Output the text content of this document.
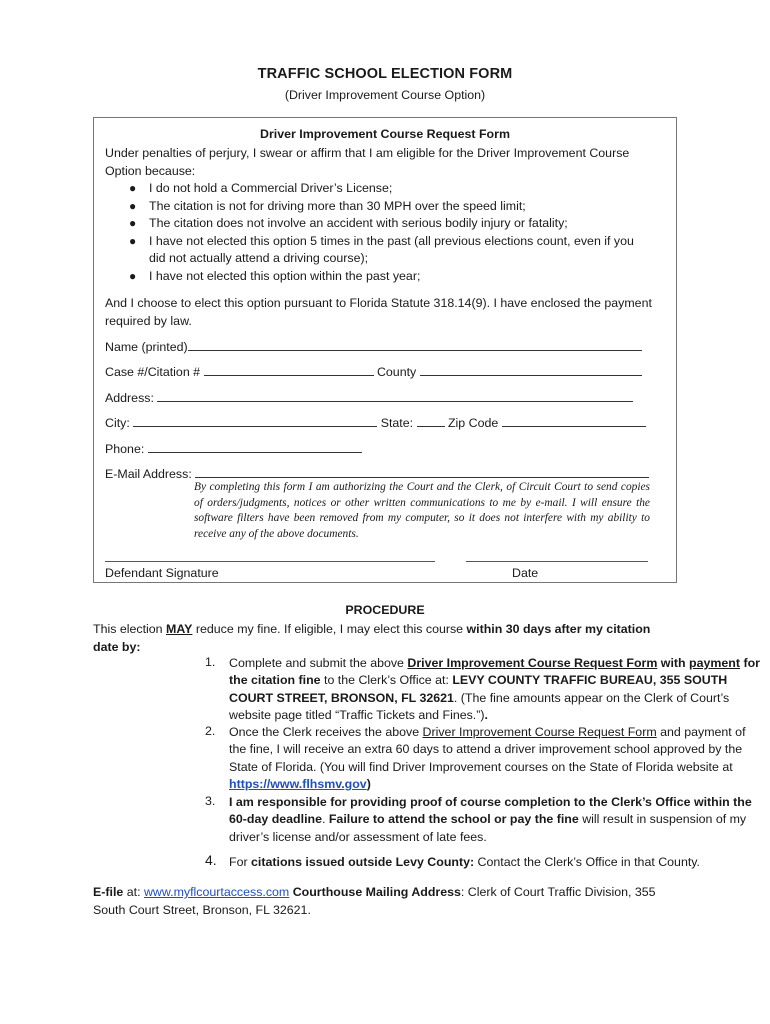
TRAFFIC SCHOOL ELECTION FORM
(Driver Improvement Course Option)
Driver Improvement Course Request Form
Under penalties of perjury, I swear or affirm that I am eligible for the Driver Improvement Course
Option because:
● I do not hold a Commercial Driver’s License;
● The citation is not for driving more than 30 MPH over the speed limit;
● The citation does not involve an accident with serious bodily injury or fatality;
● I have not elected this option 5 times in the past (all previous elections count, even if you
did not actually attend a driving course);
● I have not elected this option within the past year;
And I choose to elect this option pursuant to Florida Statute 318.14(9). I have enclosed the payment
required by law.
Name (printed)
Case #/Citation #	County
Address:
City:	State:	Zip Code
Phone:
E-Mail Address:
By completing this form I am authorizing the Court and the Clerk, of Circuit Court to send copies of orders/judgments, notices or other written communications to me by e-mail. I will ensure the software filters have been removed from my computer, so it does not interfere with my ability to receive any of the above documents.
Defendant Signature	Date
PROCEDURE
This election MAY reduce my fine. If eligible, I may elect this course within 30 days after my citation date by:
1. Complete and submit the above Driver Improvement Course Request Form with payment for the citation fine to the Clerk’s Office at: LEVY COUNTY TRAFFIC BUREAU, 355 SOUTH COURT STREET, BRONSON, FL 32621. (The fine amounts appear on the Clerk of Court’s website page titled “Traffic Tickets and Fines.”).
2. Once the Clerk receives the above Driver Improvement Course Request Form and payment of the fine, I will receive an extra 60 days to attend a driver improvement school approved by the State of Florida. (You will find Driver Improvement courses on the State of Florida website at https://www.flhsmv.gov)
3. I am responsible for providing proof of course completion to the Clerk’s Office within the 60-day deadline. Failure to attend the school or pay the fine will result in suspension of my driver’s license and/or assessment of late fees.
4. For citations issued outside Levy County: Contact the Clerk’s Office in that County.
E-file at: www.myflcourtaccess.com Courthouse Mailing Address: Clerk of Court Traffic Division, 355 South Court Street, Bronson, FL 32621.
